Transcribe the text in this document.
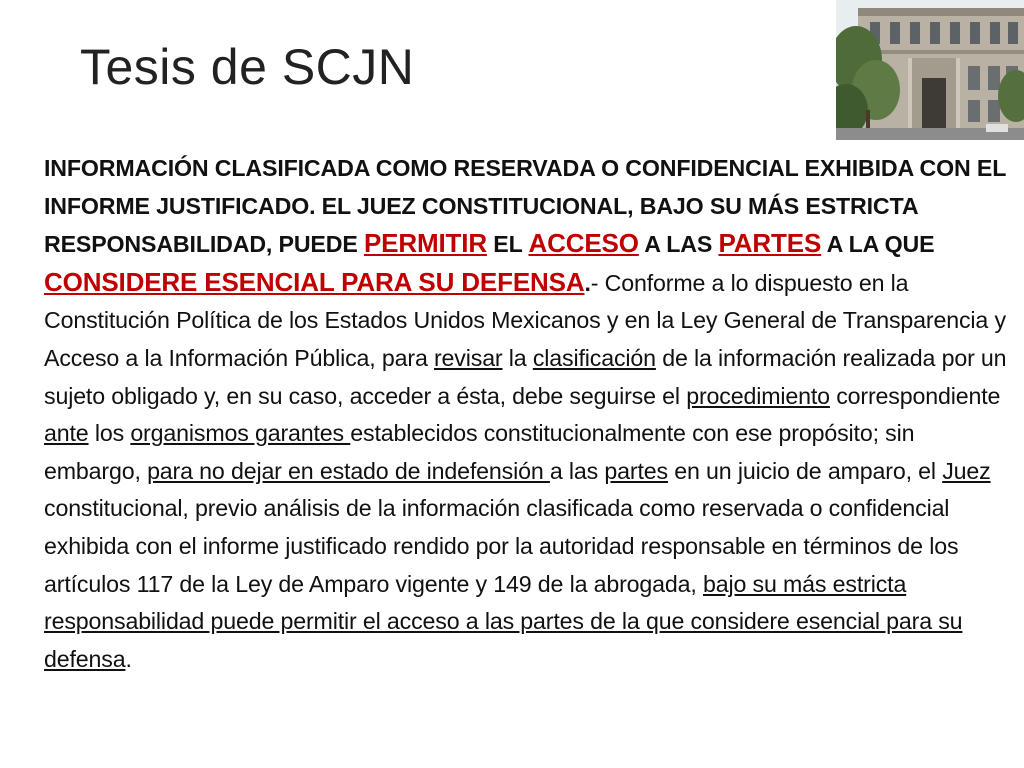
Tesis de SCJN
INFORMACIÓN CLASIFICADA COMO RESERVADA O CONFIDENCIAL EXHIBIDA CON EL INFORME JUSTIFICADO. EL JUEZ CONSTITUCIONAL, BAJO SU MÁS ESTRICTA RESPONSABILIDAD, PUEDE PERMITIR EL ACCESO A LAS PARTES A LA QUE CONSIDERE ESENCIAL PARA SU DEFENSA.- Conforme a lo dispuesto en la Constitución Política de los Estados Unidos Mexicanos y en la Ley General de Transparencia y Acceso a la Información Pública, para revisar la clasificación de la información realizada por un sujeto obligado y, en su caso, acceder a ésta, debe seguirse el procedimiento correspondiente ante los organismos garantes establecidos constitucionalmente con ese propósito; sin embargo, para no dejar en estado de indefensión a las partes en un juicio de amparo, el Juez constitucional, previo análisis de la información clasificada como reservada o confidencial exhibida con el informe justificado rendido por la autoridad responsable en términos de los artículos 117 de la Ley de Amparo vigente y 149 de la abrogada, bajo su más estricta responsabilidad puede permitir el acceso a las partes de la que considere esencial para su defensa.
